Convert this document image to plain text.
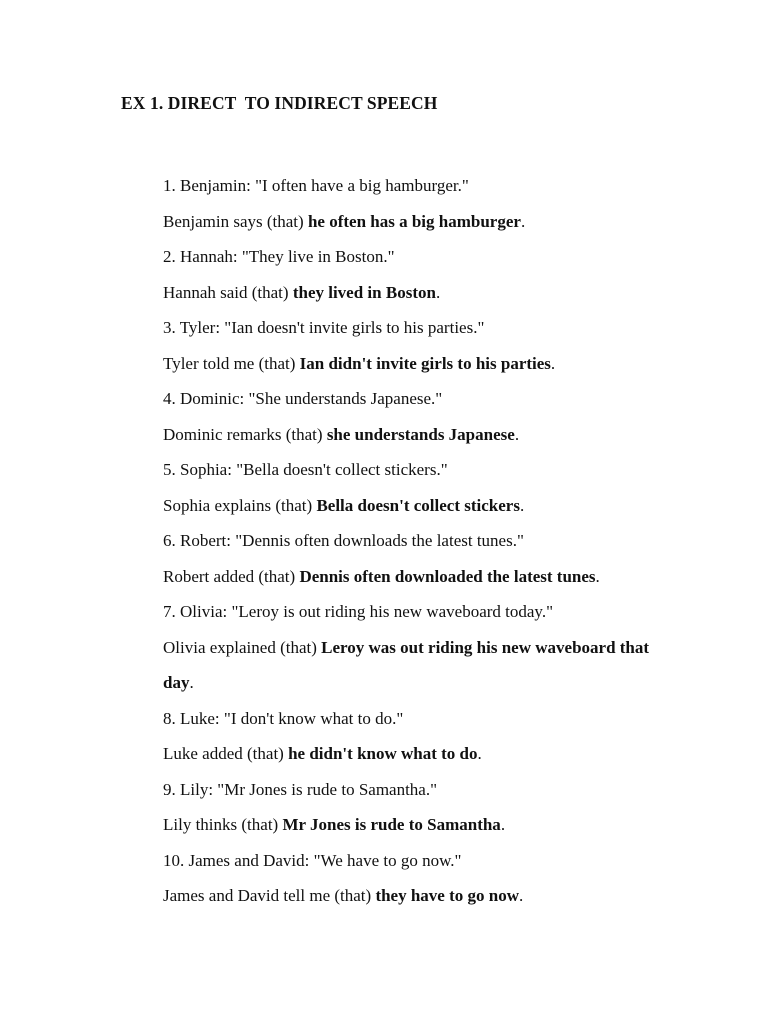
EX 1. DIRECT  TO INDIRECT SPEECH
1. Benjamin: "I often have a big hamburger."
Benjamin says (that) he often has a big hamburger.
2. Hannah: "They live in Boston."
Hannah said (that) they lived in Boston.
3. Tyler: "Ian doesn't invite girls to his parties."
Tyler told me (that) Ian didn't invite girls to his parties.
4. Dominic: "She understands Japanese."
Dominic remarks (that) she understands Japanese.
5. Sophia: "Bella doesn't collect stickers."
Sophia explains (that) Bella doesn't collect stickers.
6. Robert: "Dennis often downloads the latest tunes."
Robert added (that) Dennis often downloaded the latest tunes.
7. Olivia: "Leroy is out riding his new waveboard today."
Olivia explained (that) Leroy was out riding his new waveboard that day.
8. Luke: "I don't know what to do."
Luke added (that) he didn't know what to do.
9. Lily: "Mr Jones is rude to Samantha."
Lily thinks (that) Mr Jones is rude to Samantha.
10. James and David: "We have to go now."
James and David tell me (that) they have to go now.
